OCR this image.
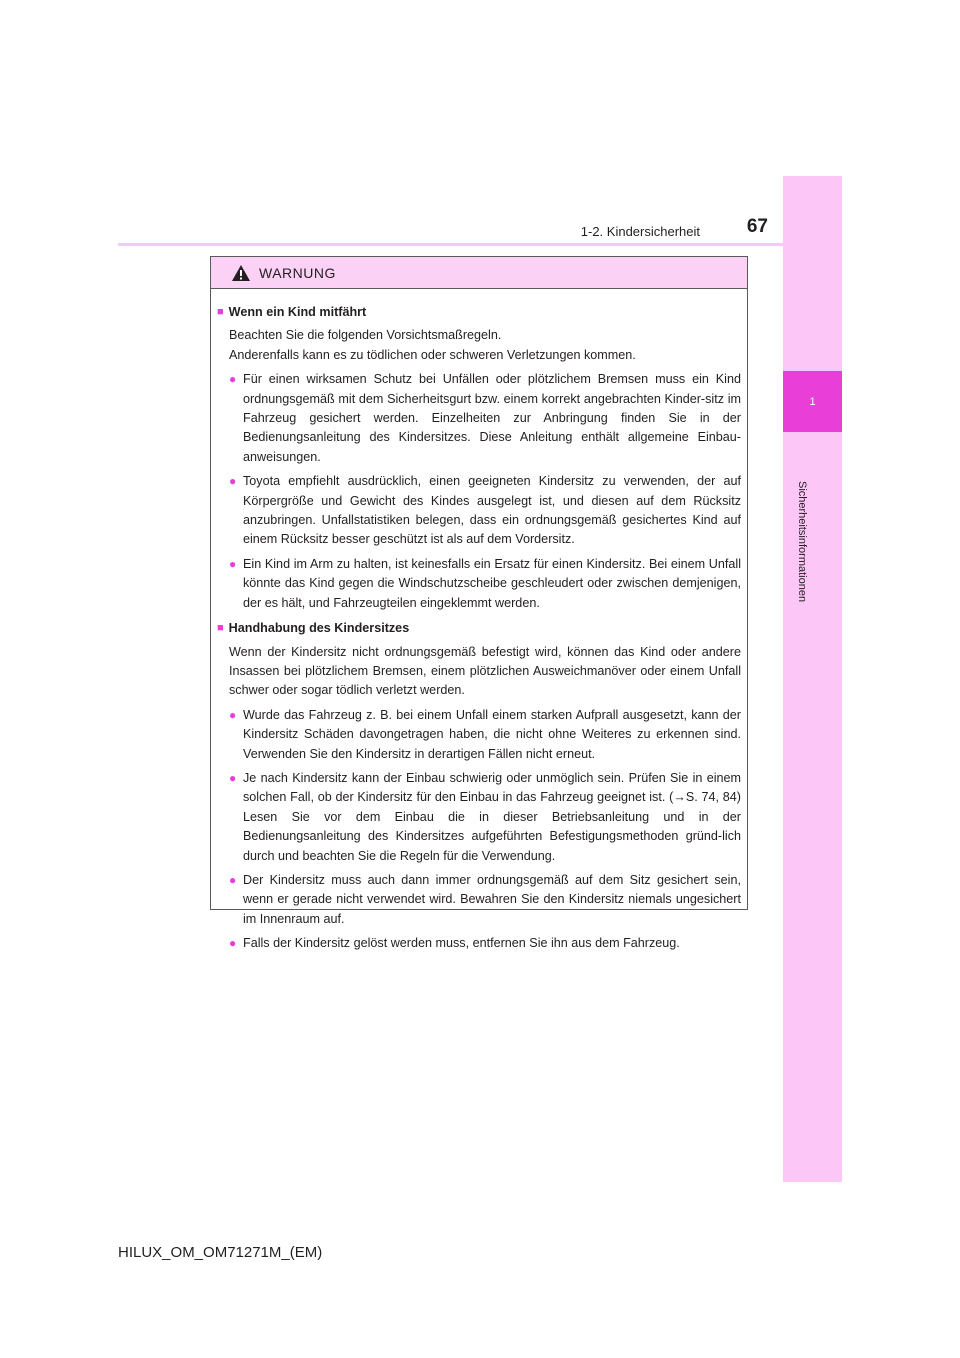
1
Sicherheitsinformationen
1-2. Kindersicherheit	67
WARNUNG
■ Wenn ein Kind mitfährt
Beachten Sie die folgenden Vorsichtsmaßregeln.
Anderenfalls kann es zu tödlichen oder schweren Verletzungen kommen.
● Für einen wirksamen Schutz bei Unfällen oder plötzlichem Bremsen muss ein Kind ordnungsgemäß mit dem Sicherheitsgurt bzw. einem korrekt angebrachten Kinder-sitz im Fahrzeug gesichert werden. Einzelheiten zur Anbringung finden Sie in der Bedienungsanleitung des Kindersitzes. Diese Anleitung enthält allgemeine Einbau-anweisungen.
● Toyota empfiehlt ausdrücklich, einen geeigneten Kindersitz zu verwenden, der auf Körpergröße und Gewicht des Kindes ausgelegt ist, und diesen auf dem Rücksitz anzubringen. Unfallstatistiken belegen, dass ein ordnungsgemäß gesichertes Kind auf einem Rücksitz besser geschützt ist als auf dem Vordersitz.
● Ein Kind im Arm zu halten, ist keinesfalls ein Ersatz für einen Kindersitz. Bei einem Unfall könnte das Kind gegen die Windschutzscheibe geschleudert oder zwischen demjenigen, der es hält, und Fahrzeugteilen eingeklemmt werden.
■ Handhabung des Kindersitzes
Wenn der Kindersitz nicht ordnungsgemäß befestigt wird, können das Kind oder andere Insassen bei plötzlichem Bremsen, einem plötzlichen Ausweichmanöver oder einem Unfall schwer oder sogar tödlich verletzt werden.
● Wurde das Fahrzeug z. B. bei einem Unfall einem starken Aufprall ausgesetzt, kann der Kindersitz Schäden davongetragen haben, die nicht ohne Weiteres zu erkennen sind. Verwenden Sie den Kindersitz in derartigen Fällen nicht erneut.
● Je nach Kindersitz kann der Einbau schwierig oder unmöglich sein. Prüfen Sie in einem solchen Fall, ob der Kindersitz für den Einbau in das Fahrzeug geeignet ist. (→S. 74, 84) Lesen Sie vor dem Einbau die in dieser Betriebsanleitung und in der Bedienungsanleitung des Kindersitzes aufgeführten Befestigungsmethoden gründ-lich durch und beachten Sie die Regeln für die Verwendung.
● Der Kindersitz muss auch dann immer ordnungsgemäß auf dem Sitz gesichert sein, wenn er gerade nicht verwendet wird. Bewahren Sie den Kindersitz niemals ungesichert im Innenraum auf.
● Falls der Kindersitz gelöst werden muss, entfernen Sie ihn aus dem Fahrzeug.
HILUX_OM_OM71271M_(EM)
